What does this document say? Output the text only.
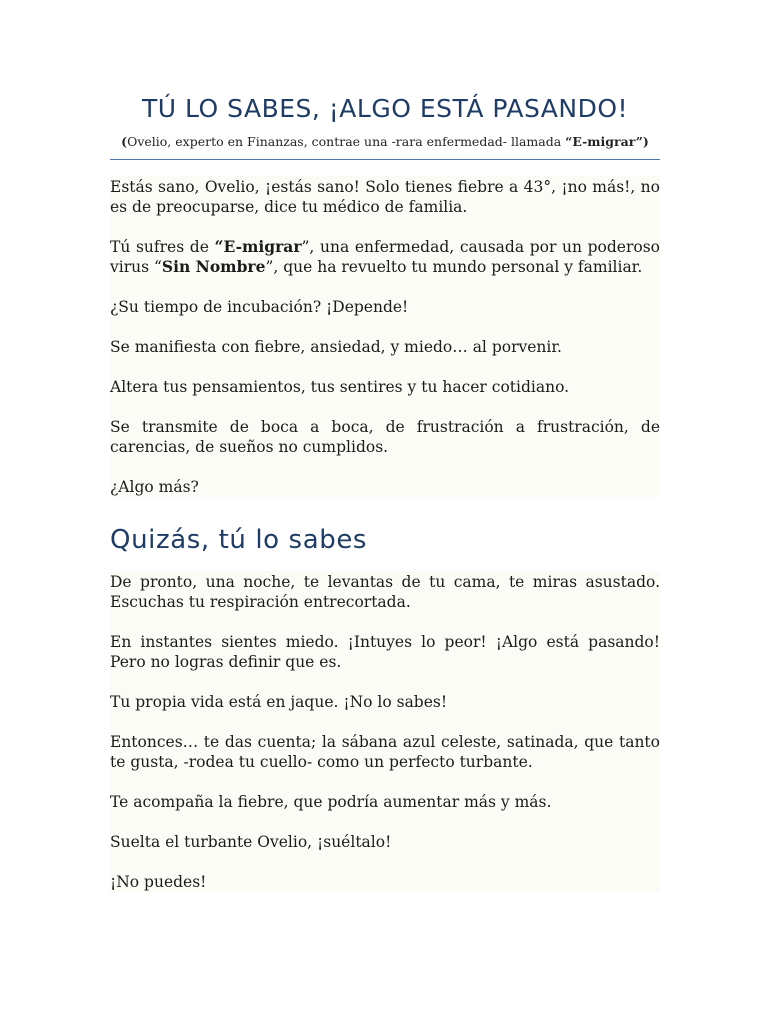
TÚ LO SABES, ¡ALGO ESTÁ PASANDO!
(Ovelio, experto en Finanzas, contrae una -rara enfermedad- llamada “E-migrar”)

Estás sano, Ovelio, ¡estás sano! Solo tienes fiebre a 43°, ¡no más!, no es de preocuparse, dice tu médico de familia.

Tú sufres de “E-migrar”, una enfermedad, causada por un poderoso virus “Sin Nombre”, que ha revuelto tu mundo personal y familiar.

¿Su tiempo de incubación? ¡Depende!

Se manifiesta con fiebre, ansiedad, y miedo… al porvenir.

Altera tus pensamientos, tus sentires y tu hacer cotidiano.

Se transmite de boca a boca, de frustración a frustración, de carencias, de sueños no cumplidos.

¿Algo más?

Quizás, tú lo sabes

De pronto, una noche, te levantas de tu cama, te miras asustado. Escuchas tu respiración entrecortada.

En instantes sientes miedo. ¡Intuyes lo peor! ¡Algo está pasando! Pero no logras definir que es.

Tu propia vida está en jaque. ¡No lo sabes!

Entonces… te das cuenta; la sábana azul celeste, satinada, que tanto te gusta, -rodea tu cuello- como un perfecto turbante.

Te acompaña la fiebre, que podría aumentar más y más.

Suelta el turbante Ovelio, ¡suéltalo!

¡No puedes!
